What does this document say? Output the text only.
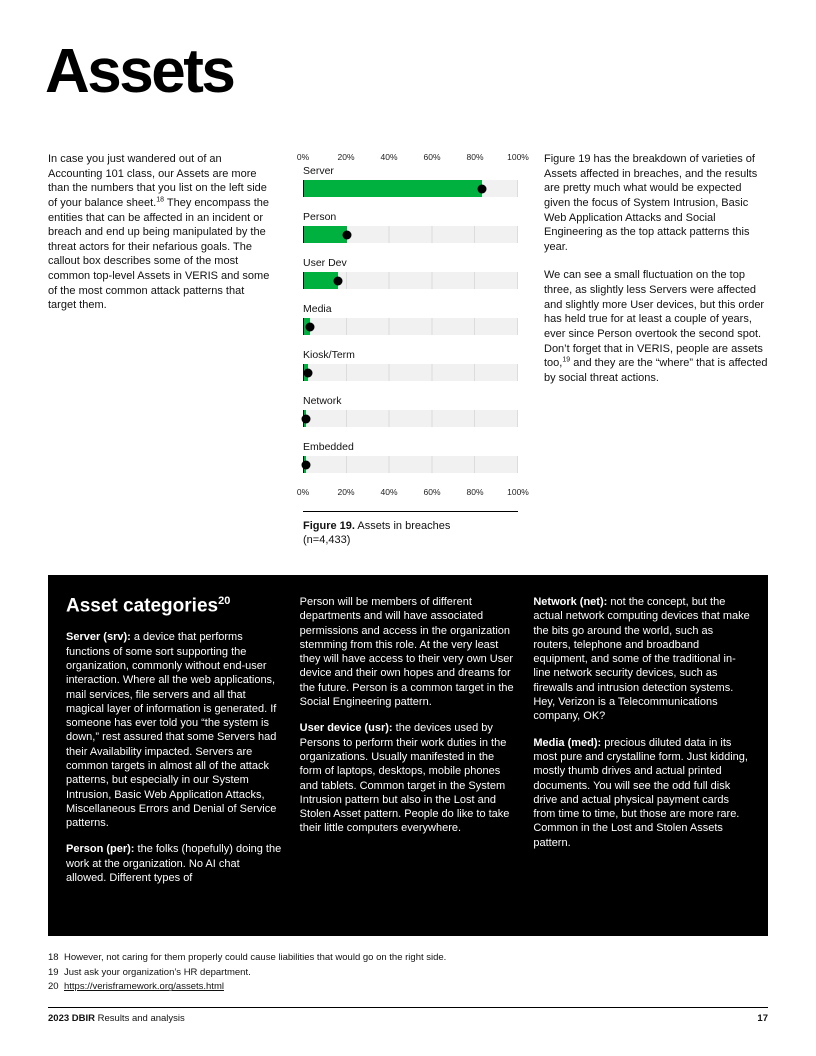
Assets

In case you just wandered out of an Accounting 101 class, our Assets are more than the numbers that you list on the left side of your balance sheet.$^{18}$ They encompass the entities that can be affected in an incident or breach and end up being manipulated by the threat actors for their nefarious goals. The callout box describes some of the most common top-level Assets in VERIS and some of the most common attack patterns that target them.

0%	20%	40%	60%	80%	100%
Server
Person
User Dev
Media
Kiosk/Term
Network
Embedded
0%	20%	40%	60%	80%	100%

Figure 19. Assets in breaches
(n=4,433)

Figure 19 has the breakdown of varieties of Assets affected in breaches, and the results are pretty much what would be expected given the focus of System Intrusion, Basic Web Application Attacks and Social Engineering as the top attack patterns this year.

We can see a small fluctuation on the top three, as slightly less Servers were affected and slightly more User devices, but this order has held true for at least a couple of years, ever since Person overtook the second spot. Don’t forget that in VERIS, people are assets too,$^{19}$ and they are the “where” that is affected by social threat actions.

Asset categories$^{20}$

Server (srv): a device that performs functions of some sort supporting the organization, commonly without end-user interaction. Where all the web applications, mail services, file servers and all that magical layer of information is generated. If someone has ever told you “the system is down,” rest assured that some Servers had their Availability impacted. Servers are common targets in almost all of the attack patterns, but especially in our System Intrusion, Basic Web Application Attacks, Miscellaneous Errors and Denial of Service patterns.

Person (per): the folks (hopefully) doing the work at the organization. No AI chat allowed. Different types of

Person will be members of different departments and will have associated permissions and access in the organization stemming from this role. At the very least they will have access to their very own User device and their own hopes and dreams for the future. Person is a common target in the Social Engineering pattern.

User device (usr): the devices used by Persons to perform their work duties in the organizations. Usually manifested in the form of laptops, desktops, mobile phones and tablets. Common target in the System Intrusion pattern but also in the Lost and Stolen Asset pattern. People do like to take their little computers everywhere.

Network (net): not the concept, but the actual network computing devices that make the bits go around the world, such as routers, telephone and broadband equipment, and some of the traditional in-line network security devices, such as firewalls and intrusion detection systems. Hey, Verizon is a Telecommunications company, OK?

Media (med): precious diluted data in its most pure and crystalline form. Just kidding, mostly thumb drives and actual printed documents. You will see the odd full disk drive and actual physical payment cards from time to time, but those are more rare. Common in the Lost and Stolen Assets pattern.

18 However, not caring for them properly could cause liabilities that would go on the right side.
19 Just ask your organization’s HR department.
20 https://verisframework.org/assets.html
2023 DBIR Results and analysis	17
